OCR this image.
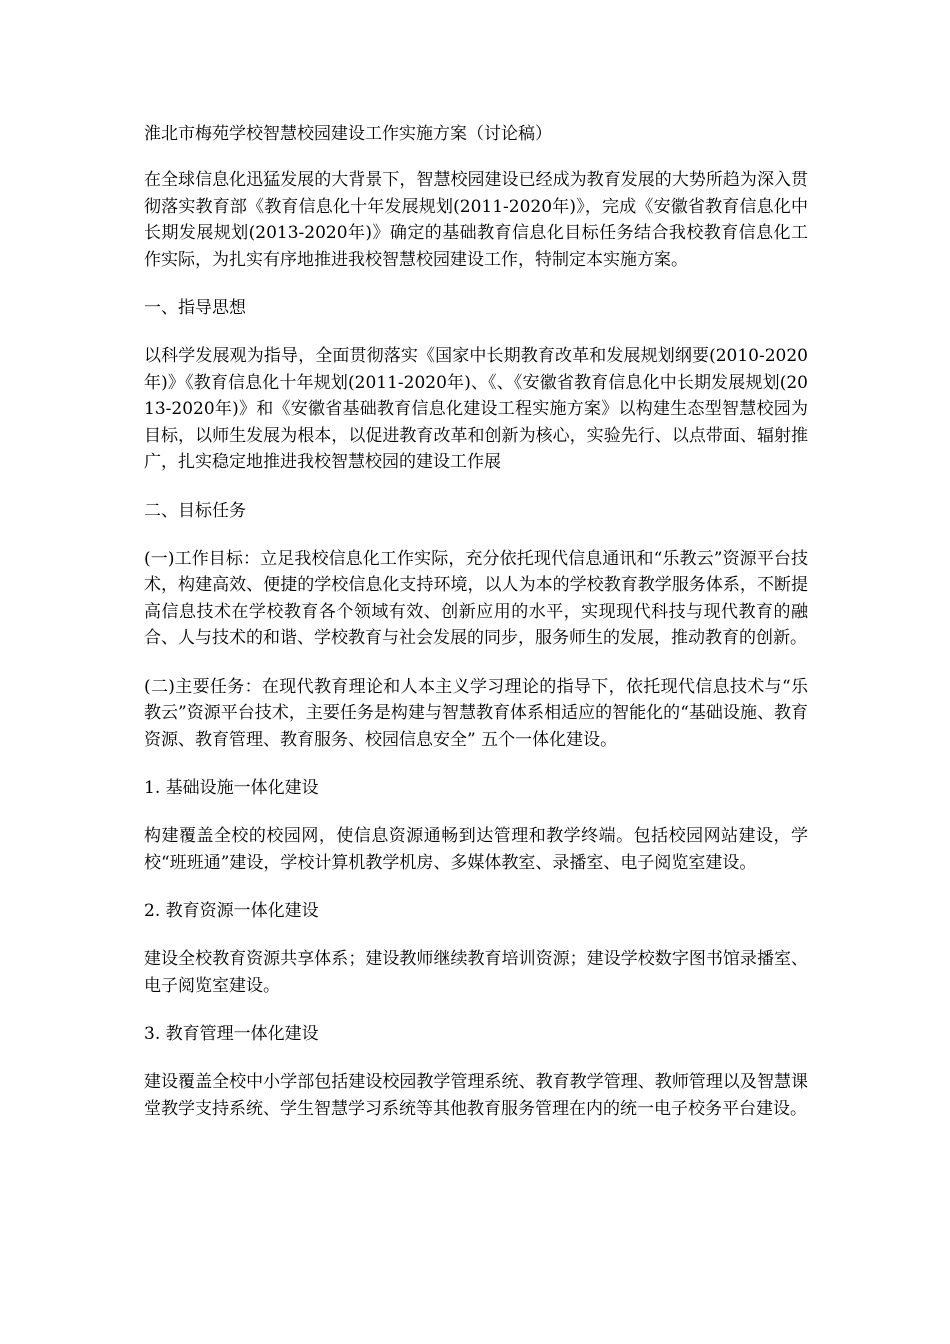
淮北市梅苑学校智慧校园建设工作实施方案（讨论稿）
在全球信息化迅猛发展的大背景下，智慧校园建设已经成为教育发展的大势所趋为深入贯彻落实教育部《教育信息化十年发展规划(2011-2020年)》，完成《安徽省教育信息化中长期发展规划(2013-2020年)》确定的基础教育信息化目标任务结合我校教育信息化工作实际，为扎实有序地推进我校智慧校园建设工作，特制定本实施方案。
一、指导思想
以科学发展观为指导，全面贯彻落实《国家中长期教育改革和发展规划纲要(2010-2020年)》《教育信息化十年规划(2011-2020年)、《、《安徽省教育信息化中长期发展规划(2013-2020年)》和《安徽省基础教育信息化建设工程实施方案》以构建生态型智慧校园为目标，以师生发展为根本，以促进教育改革和创新为核心，实验先行、以点带面、辐射推广，扎实稳定地推进我校智慧校园的建设工作展
二、目标任务
(一)工作目标：立足我校信息化工作实际，充分依托现代信息通讯和“乐教云”资源平台技术，构建高效、便捷的学校信息化支持环境，以人为本的学校教育教学服务体系，不断提高信息技术在学校教育各个领域有效、创新应用的水平，实现现代科技与现代教育的融合、人与技术的和谐、学校教育与社会发展的同步，服务师生的发展，推动教育的创新。
(二)主要任务：在现代教育理论和人本主义学习理论的指导下，依托现代信息技术与“乐教云”资源平台技术，主要任务是构建与智慧教育体系相适应的智能化的“基础设施、教育资源、教育管理、教育服务、校园信息安全” 五个一体化建设。
1. 基础设施一体化建设
构建覆盖全校的校园网，使信息资源通畅到达管理和教学终端。包括校园网站建设，学校“班班通”建设，学校计算机教学机房、多媒体教室、录播室、电子阅览室建设。
2. 教育资源一体化建设
建设全校教育资源共享体系；建设教师继续教育培训资源；建设学校数字图书馆录播室、电子阅览室建设。
3. 教育管理一体化建设
建设覆盖全校中小学部包括建设校园教学管理系统、教育教学管理、教师管理以及智慧课堂教学支持系统、学生智慧学习系统等其他教育服务管理在内的统一电子校务平台建设。
